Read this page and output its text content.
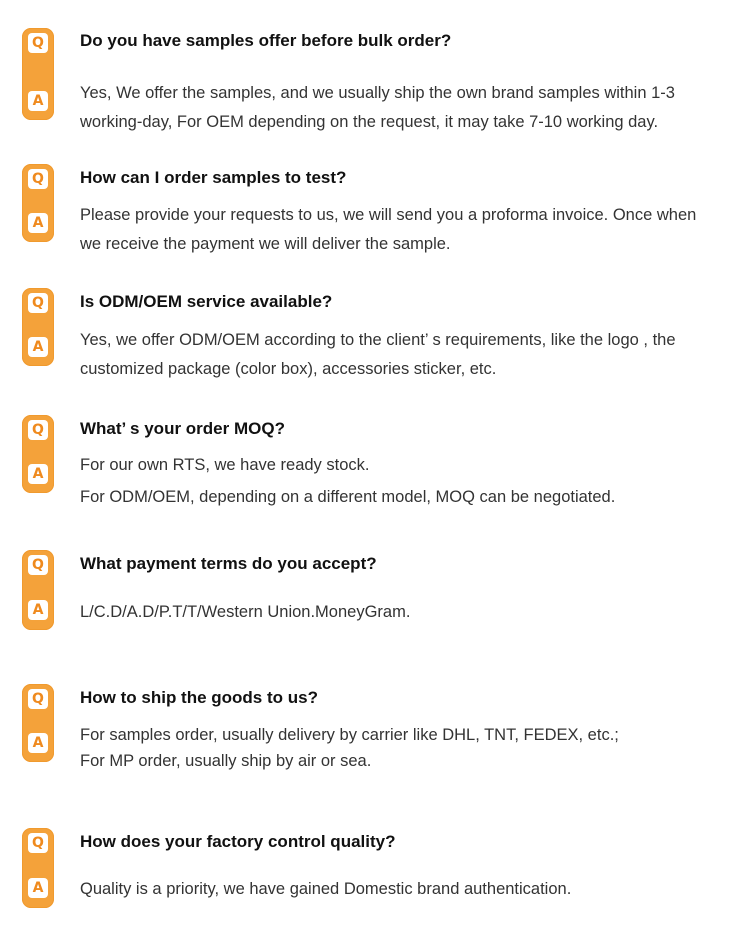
Q
A
Do you have samples offer before bulk order?

Yes, We offer the samples, and we usually ship the own brand samples within 1-3

working-day, For OEM depending on the request, it may take 7-10 working day.

Q
A
How can I order samples to test?

Please provide your requests to us, we will send you a proforma invoice. Once when

we receive the payment we will deliver the sample.

Q
A
Is ODM/OEM service available?

Yes, we offer ODM/OEM according to the client’ s requirements, like the logo , the

customized package (color box), accessories sticker, etc.

Q
A
What’ s your order MOQ?

For our own RTS, we have ready stock.

For ODM/OEM, depending on a different model, MOQ can be negotiated.

Q
A
What payment terms do you accept?

L/C.D/A.D/P.T/T/Western Union.MoneyGram.

Q
A
How to ship the goods to us?

For samples order, usually delivery by carrier like DHL, TNT, FEDEX, etc.;

For MP order, usually ship by air or sea.

Q
A
How does your factory control quality?

Quality is a priority, we have gained Domestic brand authentication.
